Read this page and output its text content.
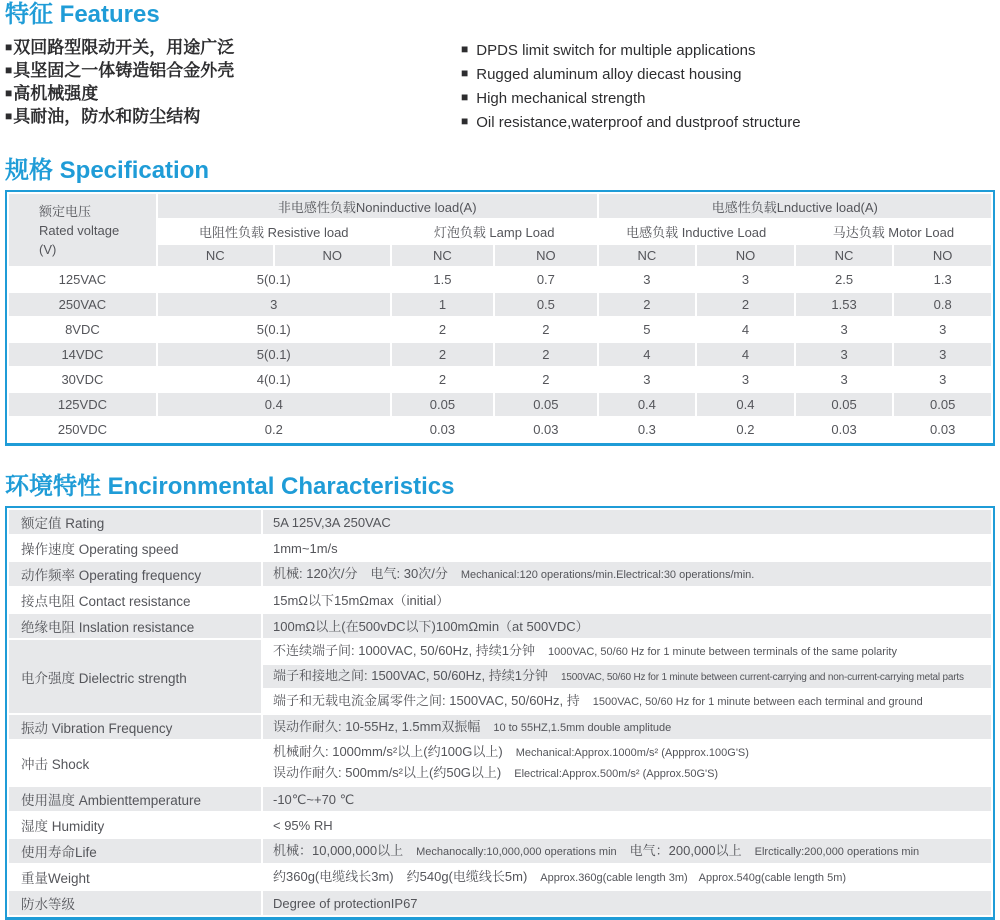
特征 Features
■双回路型限动开关，用途广泛
■具坚固之一体铸造铝合金外壳
■高机械强度
■具耐油，防水和防尘结构
■ DPDS limit switch for multiple applications
■ Rugged aluminum alloy diecast housing
■ High mechanical strength
■ Oil resistance,waterproof and dustproof structure
规格 Specification
额定电压
Rated voltage
(V)	非电感性负载Noninductive load(A)				电感性负载Lnductive load(A)			
	电阻性负载 Resistive load		灯泡负载 Lamp Load		电感负载 Inductive Load		马达负载 Motor Load	
	NC	NO	NC	NO	NC	NO	NC	NO
125VAC	5(0.1)		1.5	0.7	3	3	2.5	1.3
250VAC	3		1	0.5	2	2	1.53	0.8
8VDC	5(0.1)		2	2	5	4	3	3
14VDC	5(0.1)		2	2	4	4	3	3
30VDC	4(0.1)		2	2	3	3	3	3
125VDC	0.4		0.05	0.05	0.4	0.4	0.05	0.05
250VDC	0.2		0.03	0.03	0.3	0.2	0.03	0.03
环境特性 Encironmental Characteristics
额定值 Rating	5A 125V,3A 250VAC

操作速度 Operating speed	1mm~1m/s

动作频率 Operating frequency	机械: 120次/分　电气: 30次/分 Mechanical:120 operations/min.Electrical:30 operations/min.

接点电阻 Contact resistance	15mΩ以下15mΩmax（initial）

绝缘电阻 Inslation resistance	100mΩ以上(在500vDC以下)100mΩmin（at 500VDC）

电介强度 Dielectric strength	不连续端子间: 1000VAC, 50/60Hz, 持续1分钟 1000VAC, 50/60 Hz for 1 minute between terminals of the same polarity

	端子和接地之间: 1500VAC, 50/60Hz, 持续1分钟 1500VAC, 50/60 Hz for 1 minute between current-carrying and non-current-carrying metal parts

	端子和无载电流金属零件之间: 1500VAC, 50/60Hz, 持 1500VAC, 50/60 Hz for 1 minute between each terminal and ground

振动 Vibration Frequency	误动作耐久: 10-55Hz, 1.5mm双振幅 10 to 55HZ,1.5mm double amplitude

冲击 Shock	机械耐久: 1000mm/s²以上(约100G以上) Mechanical:Approx.1000m/s² (Appprox.100G'S)
误动作耐久: 500mm/s²以上(约50G以上) Electrical:Approx.500m/s² (Approx.50G'S)

使用温度 Ambienttemperature	-10℃~+70 ℃

湿度 Humidity	< 95% RH

使用寿命Life	机械：10,000,000以上 Mechanocally:10,000,000 operations min 电气：200,000以上 Elrctically:200,000 operations min

重量Weight	约360g(电缆线长3m)　约540g(电缆线长5m) Approx.360g(cable length 3m)　Approx.540g(cable length 5m)

防水等级	Degree of protectionIP67
